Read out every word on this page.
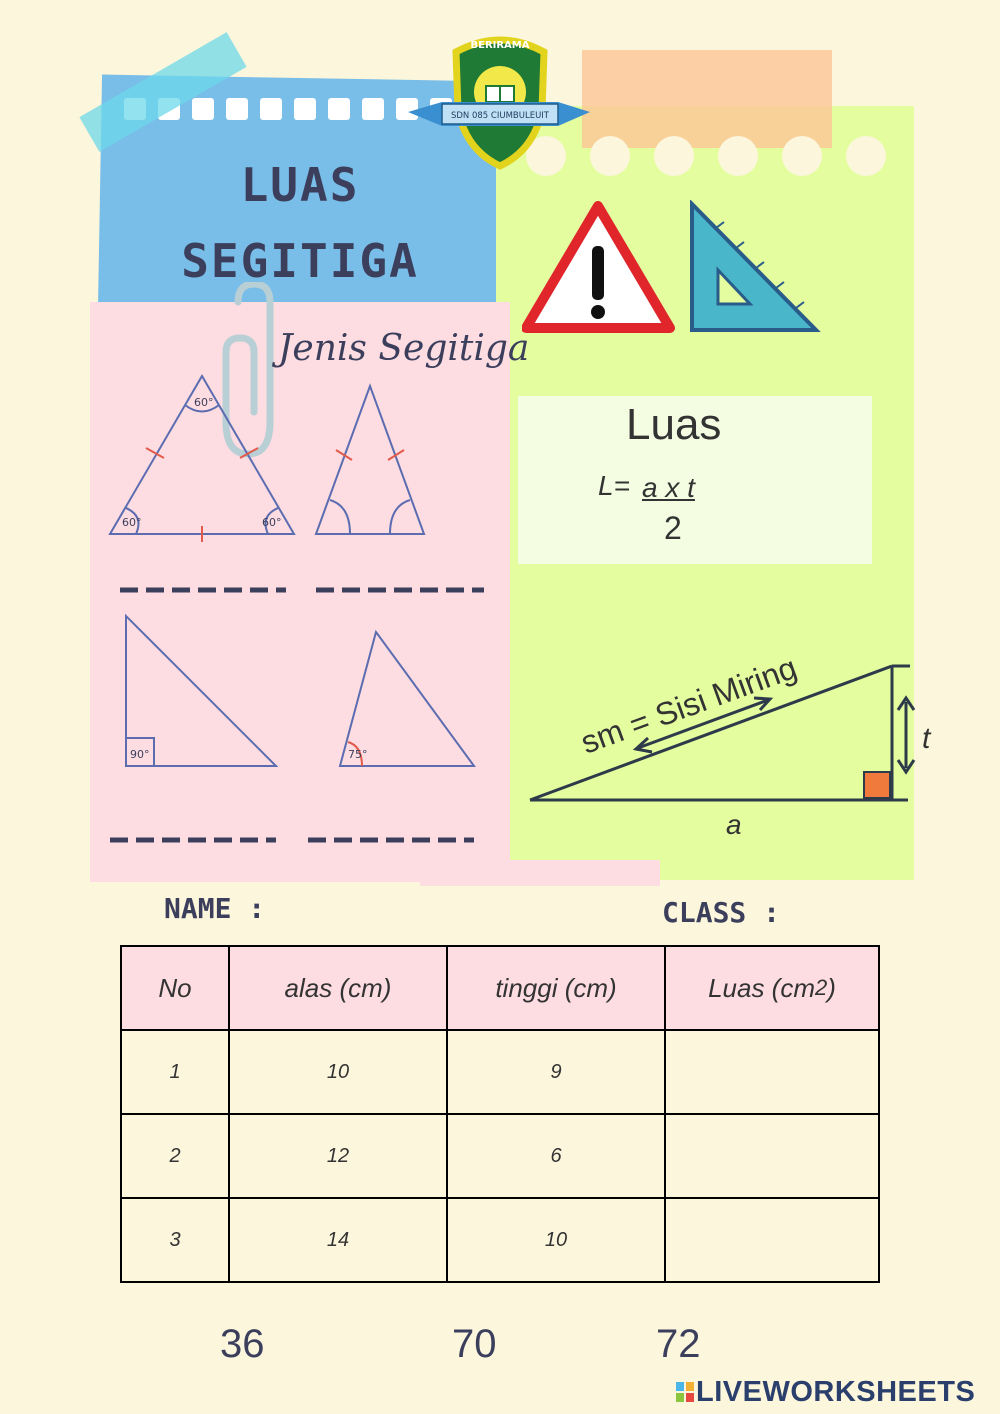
LUAS
SEGITIGA
BERIRAMA
SDN 085 CIUMBULEUIT
Jenis Segitiga
60°
60°	60°
90°	75°
Luas
L= a x t
2
sm = Sisi Miring	t
a
NAME :	CLASS :
No	alas (cm)	tinggi (cm)	Luas (cm2)
1	10	9	
2	12	6	
3	14	10	
36	70	72
LIVEWORKSHEETS
